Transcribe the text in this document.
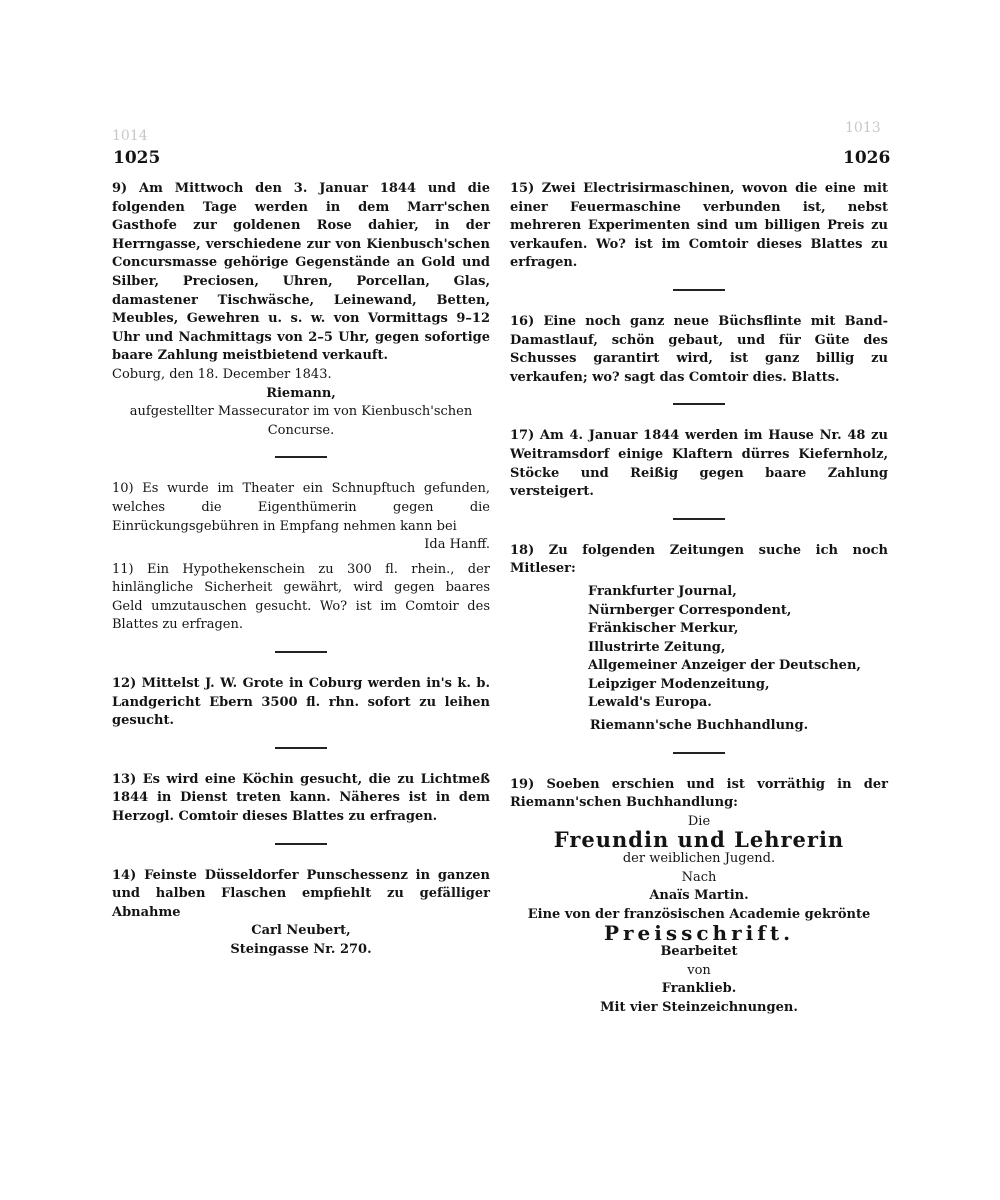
1014	1013
1025	1026

9) Am Mittwoch den 3. Januar 1844 und die folgenden Tage werden in dem Marr'schen Gasthofe zur goldenen Rose dahier, in der Herrngasse, verschiedene zur von Kienbusch'schen Concursmasse gehörige Gegenstände an Gold und Silber, Preciosen, Uhren, Porcellan, Glas, damastener Tischwäsche, Leinewand, Betten, Meubles, Gewehren u. s. w. von Vormittags 9–12 Uhr und Nachmittags von 2–5 Uhr, gegen sofortige baare Zahlung meistbietend verkauft.

Coburg, den 18. December 1843.

Riemann,

aufgestellter Massecurator im von Kienbusch'schen

Concurse.

10) Es wurde im Theater ein Schnupftuch gefunden, welches die Eigenthümerin gegen die Einrückungsgebühren in Empfang nehmen kann bei

Ida Hanff.

11) Ein Hypothekenschein zu 300 fl. rhein., der hinlängliche Sicherheit gewährt, wird gegen baares Geld umzutauschen gesucht. Wo? ist im Comtoir des Blattes zu erfragen.

12) Mittelst J. W. Grote in Coburg werden in's k. b. Landgericht Ebern 3500 fl. rhn. sofort zu leihen gesucht.

13) Es wird eine Köchin gesucht, die zu Lichtmeß 1844 in Dienst treten kann. Näheres ist in dem Herzogl. Comtoir dieses Blattes zu erfragen.

14) Feinste Düsseldorfer Punschessenz in ganzen und halben Flaschen empfiehlt zu gefälliger Abnahme

Carl Neubert,

Steingasse Nr. 270.

15) Zwei Electrisirmaschinen, wovon die eine mit einer Feuermaschine verbunden ist, nebst mehreren Experimenten sind um billigen Preis zu verkaufen. Wo? ist im Comtoir dieses Blattes zu erfragen.

16) Eine noch ganz neue Büchsflinte mit Band-Damastlauf, schön gebaut, und für Güte des Schusses garantirt wird, ist ganz billig zu verkaufen; wo? sagt das Comtoir dies. Blatts.

17) Am 4. Januar 1844 werden im Hause Nr. 48 zu Weitramsdorf einige Klaftern dürres Kiefernholz, Stöcke und Reißig gegen baare Zahlung versteigert.

18) Zu folgenden Zeitungen suche ich noch Mitleser:

Frankfurter Journal,
Nürnberger Correspondent,
Fränkischer Merkur,
Illustrirte Zeitung,
Allgemeiner Anzeiger der Deutschen,
Leipziger Modenzeitung,
Lewald's Europa.

Riemann'sche Buchhandlung.

19) Soeben erschien und ist vorräthig in der Riemann'schen Buchhandlung:

Die

Freundin und Lehrerin

der weiblichen Jugend.

Nach

Anaïs Martin.

Eine von der französischen Academie gekrönte

Preisschrift.

Bearbeitet

von

Franklieb.

Mit vier Steinzeichnungen.
